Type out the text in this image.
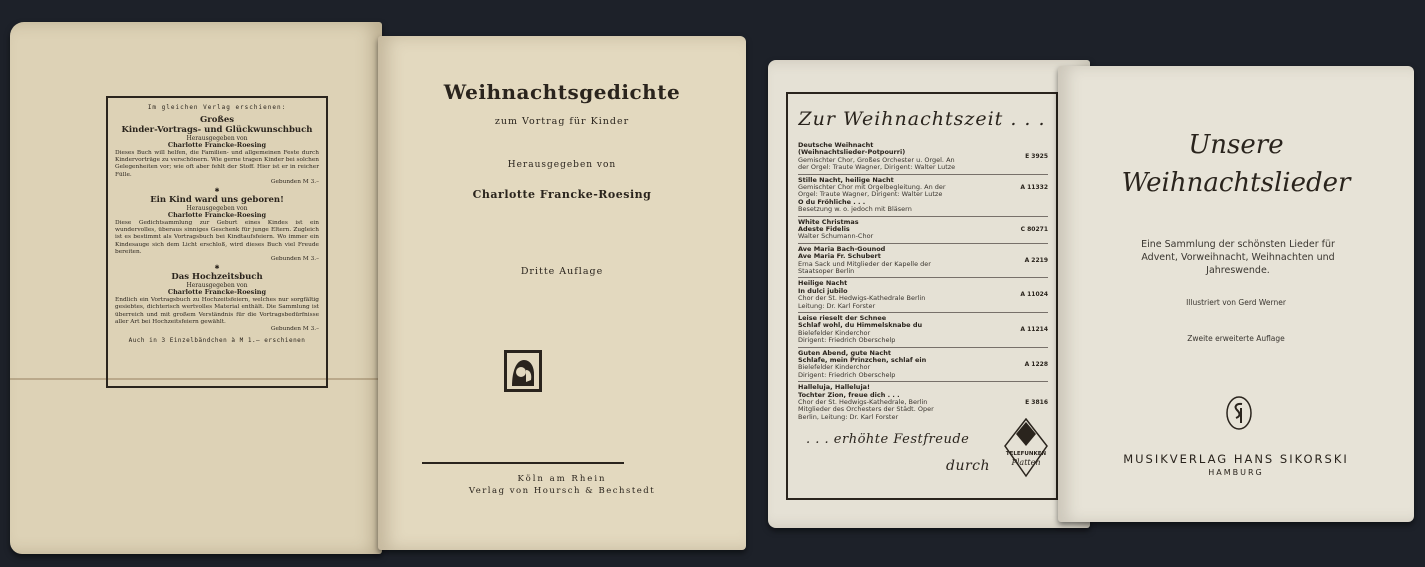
Im gleichen Verlag erschienen:
Großes
Kinder-Vortrags- und Glückwunschbuch
Herausgegeben von
Charlotte Francke-Roesing
Dieses Buch will helfen, die Familien- und allgemeinen Feste durch Kindervorträge zu verschönern. Wie gerne tragen Kinder bei solchen Gelegenheiten vor; wie oft aber fehlt der Stoff. Hier ist er in reicher Fülle.
Gebunden M 3.–
✱
Ein Kind ward uns geboren!
Herausgegeben von
Charlotte Francke-Roesing
Diese Gedichtsammlung zur Geburt eines Kindes ist ein wundervolles, überaus sinniges Geschenk für junge Eltern. Zugleich ist es bestimmt als Vortragsbuch bei Kindtaufsfeiern. Wo immer ein Kindesauge sich dem Licht erschloß, wird dieses Buch viel Freude bereiten.
Gebunden M 3.–
✱
Das Hochzeitsbuch
Herausgegeben von
Charlotte Francke-Roesing
Endlich ein Vortragsbuch zu Hochzeitsfeiern, welches nur sorgfältig gesiebtes, dichterisch wertvolles Material enthält. Die Sammlung ist überreich und mit großem Verständnis für die Vortragsbedürfnisse aller Art bei Hochzeitsfeiern gewählt.
Gebunden M 3.–
Auch in 3 Einzelbändchen à M 1.– erschienen
Weihnachtsgedichte
zum Vortrag für Kinder
Herausgegeben von
Charlotte Francke-Roesing
Dritte Auflage
Köln am Rhein
Verlag von Hoursch & Bechstedt
Zur Weihnachtszeit . . .
Deutsche Weihnacht
(Weihnachtslieder-Potpourri)
Gemischter Chor, Großes Orchester u. Orgel. An
der Orgel: Traute Wagner, Dirigent: Walter Lutze
E 3925
Stille Nacht, heilige Nacht
Gemischter Chor mit Orgelbegleitung. An der
Orgel: Traute Wagner, Dirigent: Walter Lutze
A 11332
O du Fröhliche . . .
Besetzung w. o. jedoch mit Bläsern
White Christmas
Adeste Fidelis
Walter Schumann-Chor
C 80271
Ave Maria Bach-Gounod
Ave Maria Fr. Schubert
Erna Sack und Mitglieder der Kapelle der
Staatsoper Berlin
A 2219
Heilige Nacht
In dulci jubilo
Chor der St. Hedwigs-Kathedrale Berlin
Leitung: Dr. Karl Forster
A 11024
Leise rieselt der Schnee
Schlaf wohl, du Himmelsknabe du
Bielefelder Kinderchor
Dirigent: Friedrich Oberschelp
A 11214
Guten Abend, gute Nacht
Schlafe, mein Prinzchen, schlaf ein
Bielefelder Kinderchor
Dirigent: Friedrich Oberschelp
A 1228
Halleluja, Halleluja!
Tochter Zion, freue dich . . .
Chor der St. Hedwigs-Kathedrale, Berlin
Mitglieder des Orchesters der Städt. Oper
Berlin, Leitung: Dr. Karl Forster
E 3816
. . . erhöhte Festfreude
durch
TELEFUNKEN
Platten
Unsere
Weihnachtslieder
Eine Sammlung der schönsten Lieder für Advent, Vorweihnacht, Weihnachten und Jahreswende.
Illustriert von Gerd Werner
Zweite erweiterte Auflage
MUSIKVERLAG HANS SIKORSKI
HAMBURG
